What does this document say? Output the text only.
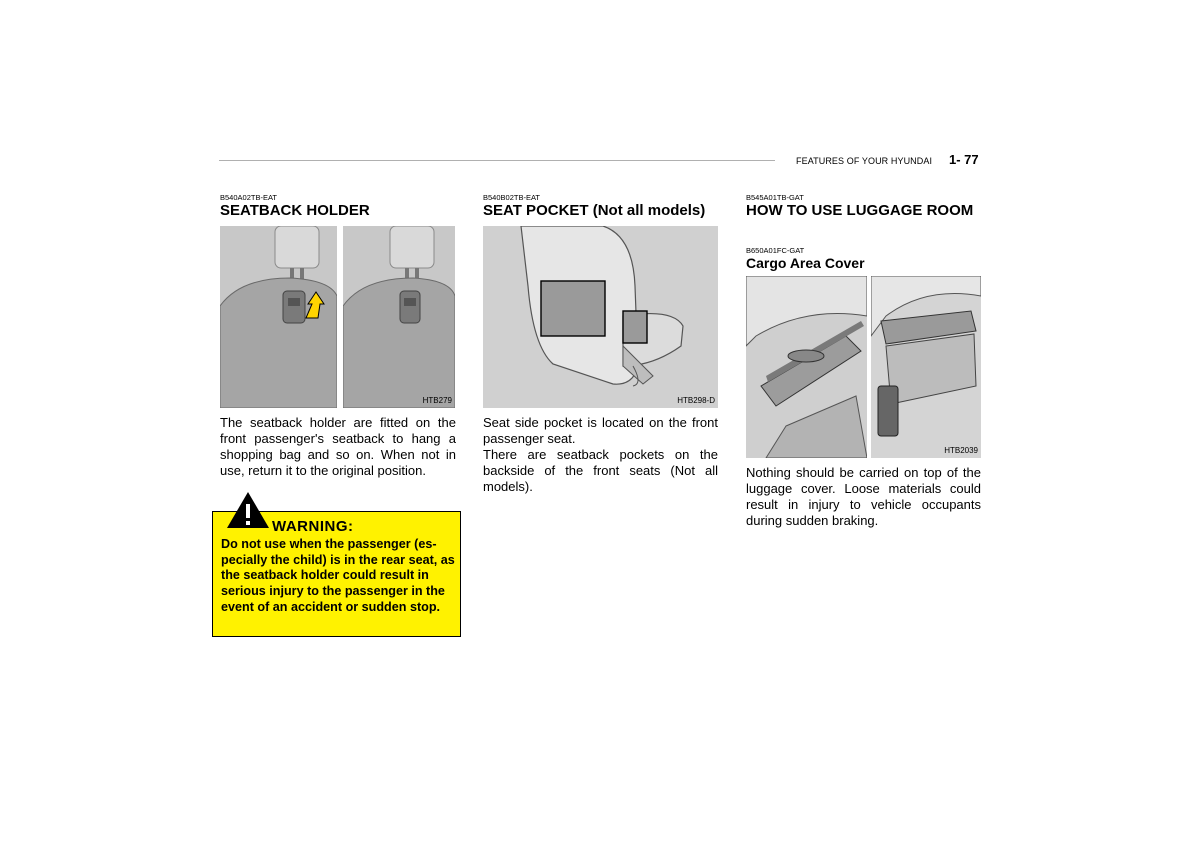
FEATURES OF YOUR HYUNDAI 1- 77
B540A02TB-EAT
SEATBACK HOLDER
HTB279

The seatback holder are fitted on the front passenger's seatback to hang a shopping bag and so on. When not in use, return it to the original position.

WARNING:
Do not use when the passenger (es-pecially the child) is in the rear seat, as the seatback holder could result in serious injury to the passenger in the event of an accident or sudden stop.
B540B02TB-EAT
SEAT POCKET (Not all models)
HTB298-D

Seat side pocket is located on the front passenger seat.

There are seatback pockets on the backside of the front seats (Not all models).

B545A01TB-GAT
HOW TO USE LUGGAGE ROOM
B650A01FC-GAT
Cargo Area Cover
HTB2039

Nothing should be carried on top of the luggage cover. Loose materials could result in injury to vehicle occupants during sudden braking.
